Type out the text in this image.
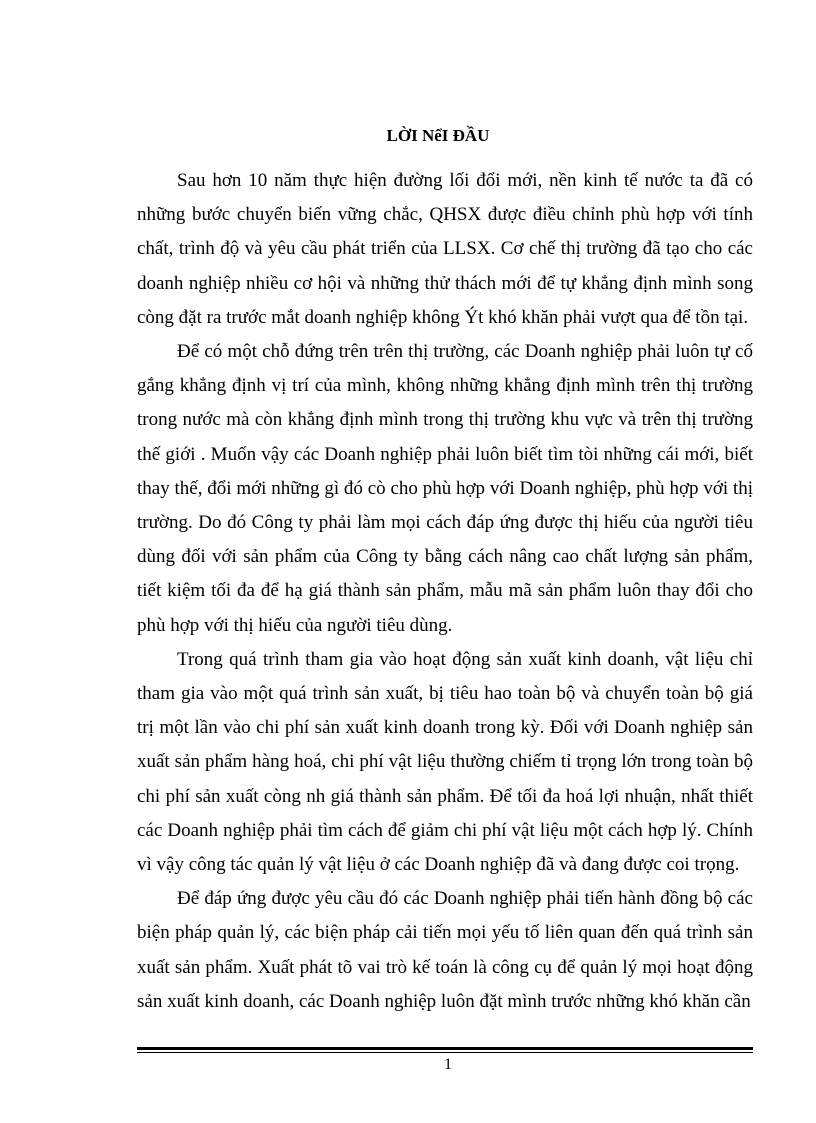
LỜI NểI ĐẦU

Sau hơn 10 năm thực hiện đường lối đổi mới, nền kinh tế nước ta đã có những bước chuyển biến vững chắc, QHSX được điều chỉnh phù hợp với tính chất, trình độ và yêu cầu phát triển của LLSX. Cơ chế thị trường đã tạo cho các doanh nghiệp nhiều cơ hội và những thử thách mới để tự khẳng định mình song còng đặt ra trước mắt doanh nghiệp không Ýt khó khăn phải vượt qua để tồn tại.

Để có một chỗ đứng trên trên thị trường, các Doanh nghiệp phải luôn tự cố gắng khẳng định vị trí của mình, không những khẳng định mình trên thị trường trong nước mà còn khẳng định mình trong thị trường khu vực và trên thị trường thế giới . Muốn vậy các Doanh nghiệp phải luôn biết tìm tòi những cái mới, biết thay thế, đổi mới những gì đó cò cho phù hợp với Doanh nghiệp, phù hợp với thị trường. Do đó Công ty phải làm mọi cách đáp ứng được thị hiếu của người tiêu dùng đối với sản phẩm của Công ty bằng cách nâng cao chất lượng sản phẩm, tiết kiệm tối đa để hạ giá thành sản phẩm, mẫu mã sản phẩm luôn thay đổi cho phù hợp với thị hiếu của người tiêu dùng.

Trong quá trình tham gia vào hoạt động sản xuất kinh doanh, vật liệu chỉ tham gia vào một quá trình sản xuất, bị tiêu hao toàn bộ và chuyển toàn bộ giá trị một lần vào chi phí sản xuất kinh doanh trong kỳ. Đối với Doanh nghiệp sản xuất sản phẩm hàng hoá, chi phí vật liệu thường chiếm tỉ trọng lớn trong toàn bộ chi phí sản xuất còng nh giá thành sản phẩm. Để tối đa hoá lợi nhuận, nhất thiết các Doanh nghiệp phải tìm cách để giảm chi phí vật liệu một cách hợp lý. Chính vì vậy công tác quản lý vật liệu ở các Doanh nghiệp đã và đang được coi trọng.

Để đáp ứng được yêu cầu đó các Doanh nghiệp phải tiến hành đồng bộ các biện pháp quản lý, các biện pháp cải tiến mọi yếu tố liên quan đến quá trình sản xuất sản phẩm. Xuất phát tõ vai trò kế toán là công cụ để quản lý mọi hoạt động sản xuất kinh doanh, các Doanh nghiệp luôn đặt mình trước những khó khăn cần

1
